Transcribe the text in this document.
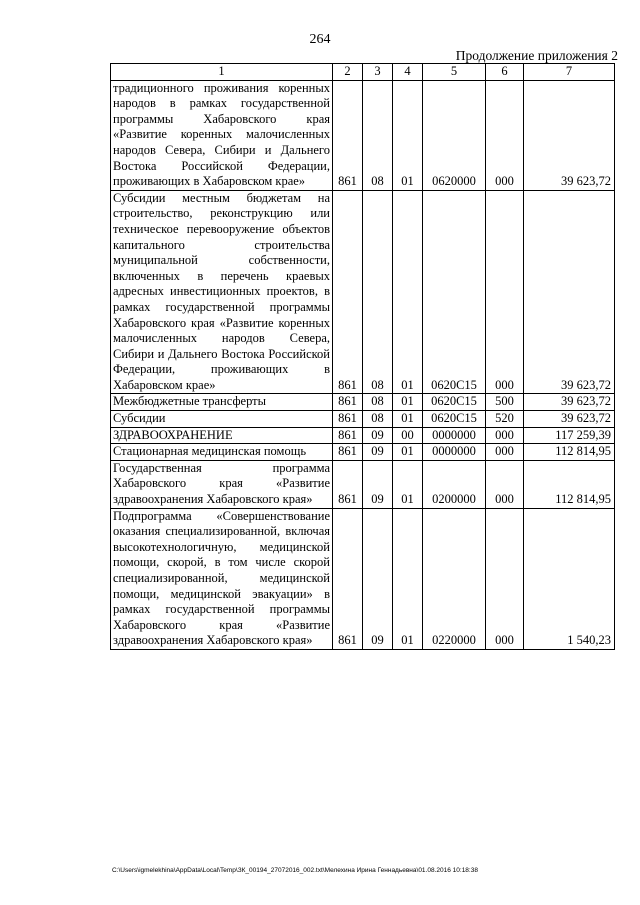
264
Продолжение приложения 2
1	2	3	4	5	6	7
традиционного проживания коренных народов в рамках государственной программы Хабаровского края «Развитие коренных малочисленных народов Севера, Сибири и Дальнего Востока Российской Федерации, проживающих в Хабаровском крае»	861	08	01	0620000	000	39 623,72
Субсидии местным бюджетам на строительство, реконструкцию или техническое перевооружение объектов капитального строительства муниципальной собственности, включенных в перечень краевых адресных инвестиционных проектов, в рамках государственной программы Хабаровского края «Развитие коренных малочисленных народов Севера, Сибири и Дальнего Востока Российской Федерации, проживающих в Хабаровском крае»	861	08	01	0620С15	000	39 623,72
Межбюджетные трансферты	861	08	01	0620С15	500	39 623,72
Субсидии	861	08	01	0620С15	520	39 623,72
ЗДРАВООХРАНЕНИЕ	861	09	00	0000000	000	117 259,39
Стационарная медицинская помощь	861	09	01	0000000	000	112 814,95
Государственная программа Хабаровского края «Развитие здравоохранения Хабаровского края»	861	09	01	0200000	000	112 814,95
Подпрограмма «Совершенствование оказания специализированной, включая высокотехнологичную, медицинской помощи, скорой, в том числе скорой специализированной, медицинской помощи, медицинской эвакуации» в рамках государственной программы Хабаровского края «Развитие здравоохранения Хабаровского края»	861	09	01	0220000	000	1 540,23
C:\Users\igmelekhina\AppData\Local\Temp\ЗК_00194_27072016_002.txt\Мелехина Ирина Геннадьевна\01.08.2016 10:18:38
